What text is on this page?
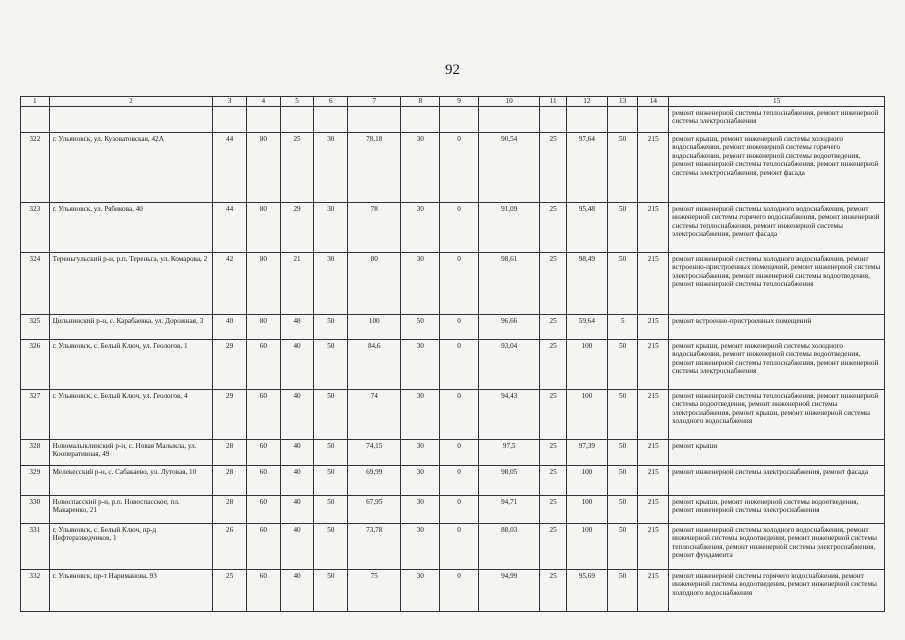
92
1	2	3	4	5	6	7	8	9	10	11	12	13	14	15
														ремонт инженерной системы теплоснабжения, ремонт инженерной системы электроснабжения
322	г. Ульяновск, ул. Кузоватовская, 42А	44	80	25	30	78,18	30	0	90,54	25	97,64	50	215	ремонт крыши, ремонт инженерной системы холодного водоснабжения, ремонт инженерной системы горячего водоснабжения, ремонт инженерной системы водоотведения, ремонт инженерной системы теплоснабжения, ремонт инженерной системы электроснабжения, ремонт фасада
323	г. Ульяновск, ул. Рябикова, 40	44	80	29	30	78	30	0	91,09	25	95,48	50	215	ремонт инженерной системы холодного водоснабжения, ремонт инженерной системы горячего водоснабжения, ремонт инженерной системы теплоснабжения, ремонт инженерной системы электроснабжения, ремонт фасада
324	Тереньгульский р-н, р.п. Тереньга, ул. Комарова, 2	42	80	21	30	80	30	0	98,61	25	98,49	50	215	ремонт инженерной системы холодного водоснабжения, ремонт встроенно-пристроенных помещений, ремонт инженерной системы электроснабжения, ремонт инженерной системы водоотведения, ремонт инженерной системы теплоснабжения
325	Цильнинский р-н, с. Карабаевка, ул. Дорожная, 3	40	80	48	50	100	50	0	96,66	25	59,64	5	215	ремонт встроенно-пристроенных помещений
326	г. Ульяновск, с. Белый Ключ, ул. Геологов, 1	29	60	40	50	84,6	30	0	93,04	25	100	50	215	ремонт крыши, ремонт инженерной системы холодного водоснабжения, ремонт инженерной системы водоотведения, ремонт инженерной системы теплоснабжения, ремонт инженерной системы электроснабжения
327	г. Ульяновск, с. Белый Ключ, ул. Геологов, 4	29	60	40	50	74	30	0	94,43	25	100	50	215	ремонт инженерной системы теплоснабжения, ремонт инженерной системы водоотведения, ремонт инженерной системы электроснабжения, ремонт крыши, ремонт инженерной системы холодного водоснабжения
328	Новомалыклинский р-н, с. Новая Малыкла, ул. Кооперативная, 49	28	60	40	50	74,15	30	0	97,5	25	97,39	50	215	ремонт крыши
329	Мелекесский р-н, с. Сабакаево, ул. Лутовая, 10	28	60	40	50	69,99	30	0	98,05	25	100	50	215	ремонт инженерной системы электроснабжения, ремонт фасада
330	Новоспасский р-н, р.п. Новоспасское, пл. Макаренко, 21	28	60	40	50	67,95	30	0	94,71	25	100	50	215	ремонт крыши, ремонт инженерной системы водоотведения, ремонт инженерной системы электроснабжения
331	г. Ульяновск, с. Белый Ключ, пр-д Нефтеразведчиков, 1	26	60	40	50	73,78	30	0	88,03	25	100	50	215	ремонт инженерной системы холодного водоснабжения, ремонт инженерной системы водоотведения, ремонт инженерной системы теплоснабжения, ремонт инженерной системы электроснабжения, ремонт фундамента
332	г. Ульяновск, пр-т Нариманова, 93	25	60	40	50	75	30	0	94,99	25	95,69	50	215	ремонт инженерной системы горячего водоснабжения, ремонт инженерной системы водоотведения, ремонт инженерной системы холодного водоснабжения
